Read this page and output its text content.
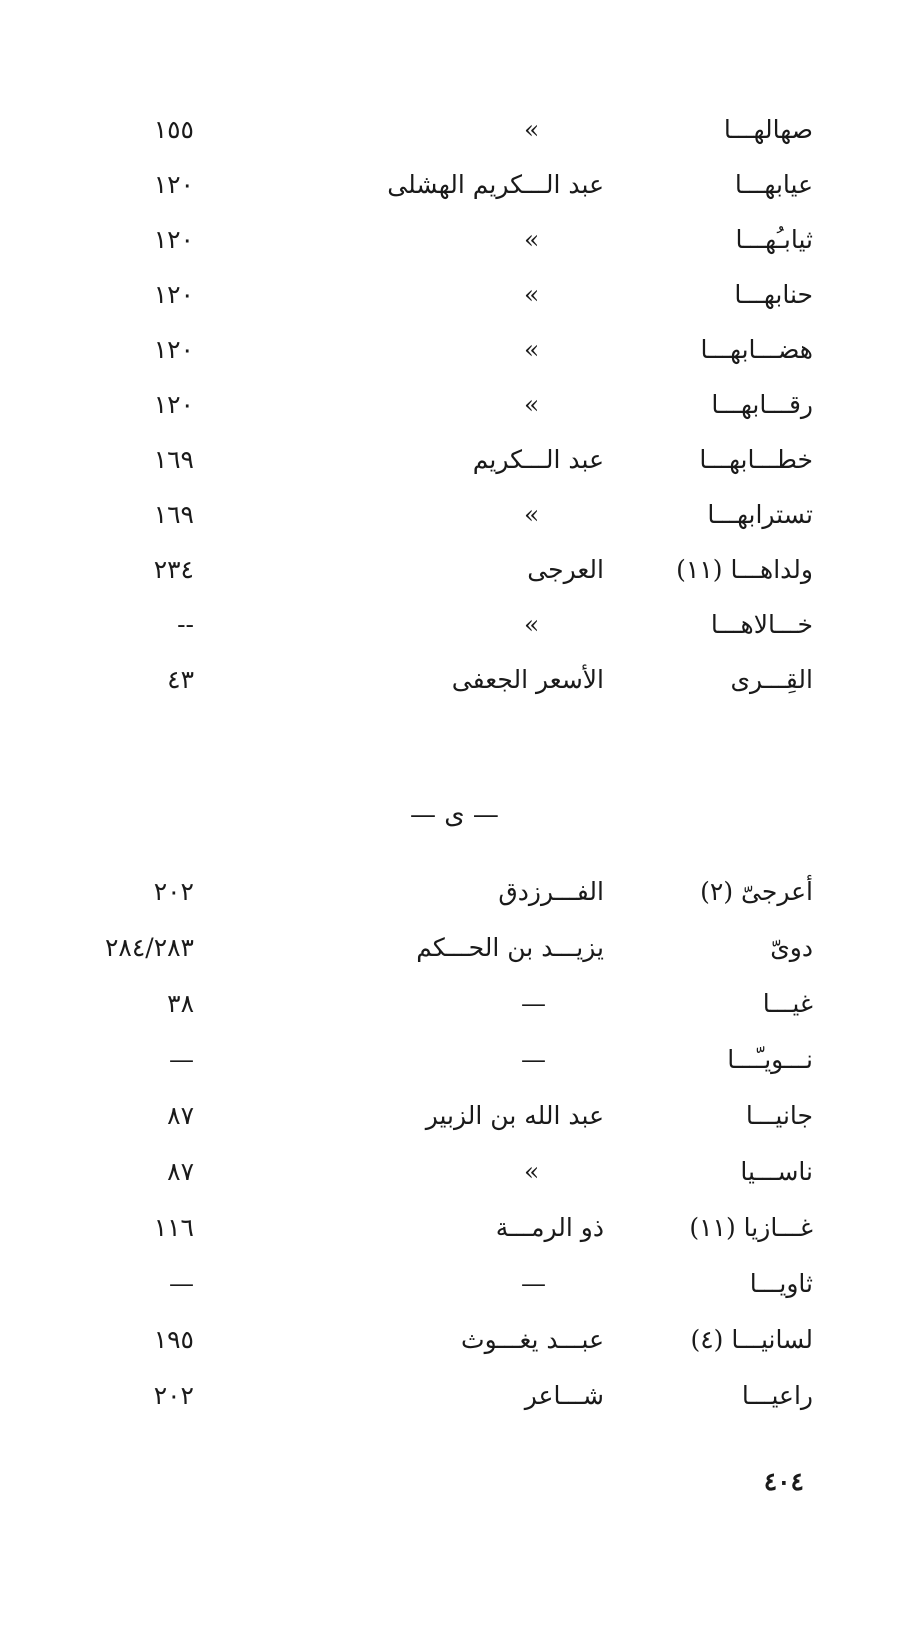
صهالهـــا
»
١٥٥
عيابهـــا
عبد الـــكريم الهشلى
١٢٠
ثيابـُهـــا
»
١٢٠
حنابهـــا
»
١٢٠
هضـــابهـــا
»
١٢٠
رقـــابهـــا
»
١٢٠
خطـــابهـــا
عبد الـــكريم
١٦٩
تسترابهـــا
»
١٦٩
ولداهـــا (١١)
العرجى
٢٣٤
خـــالاهـــا
»
--
القِـــرى
الأسعر الجعفى
٤٣
— ى —
أعرجىّ (٢)
الفـــرزدق
٢٠٢
دوىّ
يزيـــد بن الحـــكم
٢٨٤/٢٨٣
غيـــا
—
٣٨
نـــويـّـــا
—
—
جانيـــا
عبد الله بن الزبير
٨٧
ناســـيا
»
٨٧
غـــازيا (١١)
ذو الرمـــة
١١٦
ثاويـــا
—
—
لسانيـــا (٤)
عبـــد يغـــوث
١٩٥
راعيـــا
شـــاعر
٢٠٢
٤٠٤
